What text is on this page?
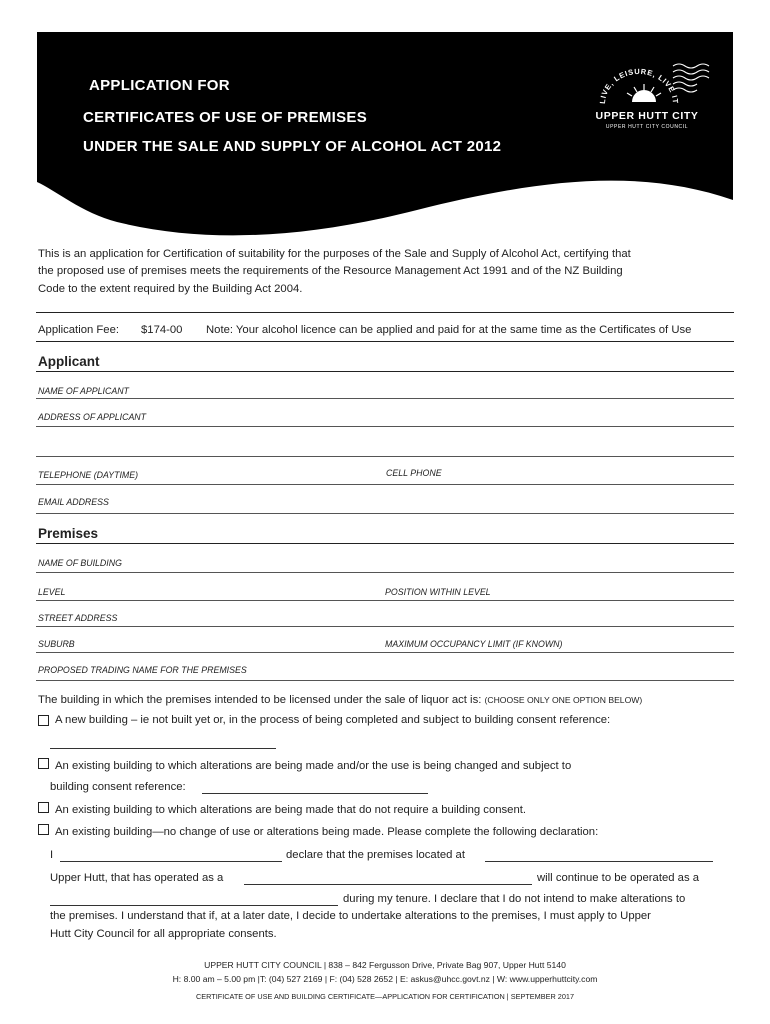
APPLICATION FOR
CERTIFICATES OF USE OF PREMISES
UNDER THE SALE AND SUPPLY OF ALCOHOL ACT 2012
LIVE, LEISURE, LIVE IT
UPPER HUTT CITY
UPPER HUTT CITY COUNCIL
This is an application for Certification of suitability for the purposes of the Sale and Supply of Alcohol Act, certifying that
the proposed use of premises meets the requirements of the Resource Management Act 1991 and of the NZ Building
Code to the extent required by the Building Act 2004.
Application Fee: $174-00 Note: Your alcohol licence can be applied and paid for at the same time as the Certificates of Use
Applicant
NAME OF APPLICANT
ADDRESS OF APPLICANT
TELEPHONE (DAYTIME)	CELL PHONE
EMAIL ADDRESS
Premises
NAME OF BUILDING
LEVEL	POSITION WITHIN LEVEL
STREET ADDRESS
SUBURB	MAXIMUM OCCUPANCY LIMIT (IF KNOWN)
PROPOSED TRADING NAME FOR THE PREMISES
The building in which the premises intended to be licensed under the sale of liquor act is: (CHOOSE ONLY ONE OPTION BELOW)
A new building – ie not built yet or, in the process of being completed and subject to building consent reference:
An existing building to which alterations are being made and/or the use is being changed and subject to
building consent reference:
An existing building to which alterations are being made that do not require a building consent.
An existing building—no change of use or alterations being made. Please complete the following declaration:
I	declare that the premises located at
Upper Hutt, that has operated as a	will continue to be operated as a
during my tenure. I declare that I do not intend to make alterations to
the premises. I understand that if, at a later date, I decide to undertake alterations to the premises, I must apply to Upper
Hutt City Council for all appropriate consents.
UPPER HUTT CITY COUNCIL | 838 – 842 Fergusson Drive, Private Bag 907, Upper Hutt 5140
H: 8.00 am – 5.00 pm |T: (04) 527 2169 | F: (04) 528 2652 | E: askus@uhcc.govt.nz | W: www.upperhuttcity.com
CERTIFICATE OF USE AND BUILDING CERTIFICATE—APPLICATION FOR CERTIFICATION | SEPTEMBER 2017
